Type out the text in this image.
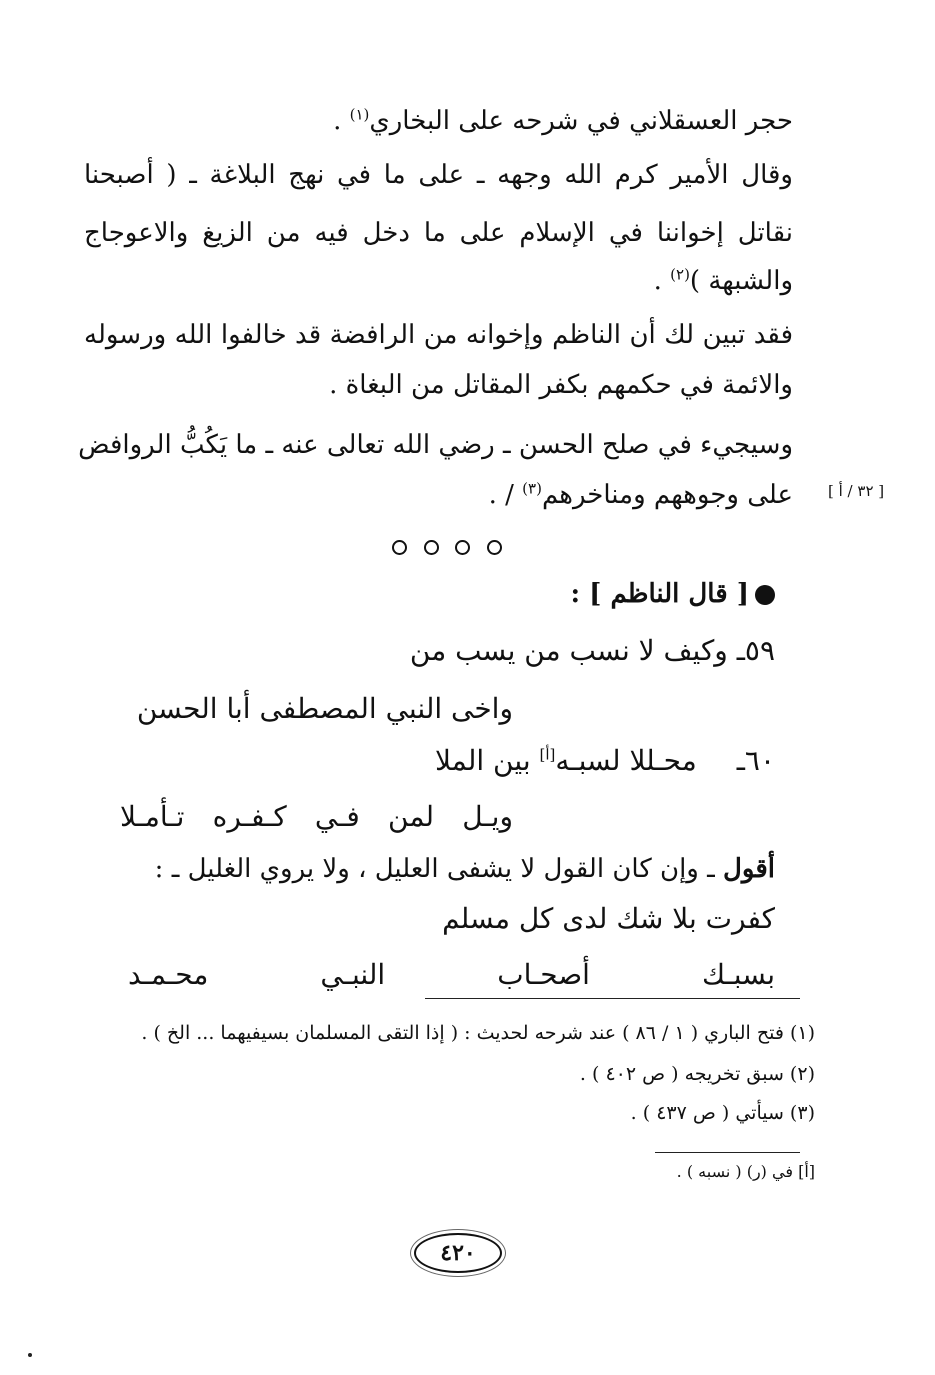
حجر العسقلاني في شرحه على البخاري$^{(١)}$ .
وقال الأمير كرم الله وجهه ـ على ما في نهج البلاغة ـ ( أصبحنا
نقاتل إخواننا في الإسلام على ما دخل فيه من الزيغ والاعوجاج
والشبهة )$^{(٢)}$ .
فقد تبين لك أن الناظم وإخوانه من الرافضة قد خالفوا الله ورسوله
والائمة في حكمهم بكفر المقاتل من البغاة .
وسيجيء في صلح الحسن ـ رضي الله تعالى عنه ـ ما يَكُبُّ الروافض
على وجوههم ومناخرهم$^{(٣)}$ / .	[ ٣٢ / أ ]
[ قال الناظم ] :
٥٩ـ وكيف لا نسب من يسب من
واخى النبي المصطفى أبا الحسن
٦٠ـمحـللا لسبـه[أ] بين الملا
ويـل لمن فـي كـفـره تـأمـلا
أقول ـ وإن كان القول لا يشفى العليل ، ولا يروي الغليل ـ :
كفرت بلا شك لدى كل مسلم
بسبـك أصحـاب النبـي محـمـد
(١) فتح الباري ( ١ / ٨٦ ) عند شرحه لحديث : ( إذا التقى المسلمان بسيفيهما ... الخ ) .
(٢) سبق تخريجه ( ص ٤٠٢ ) .
(٣) سيأتي ( ص ٤٣٧ ) .
[أ] في (ر) ( نسبه ) .
٤٢٠
